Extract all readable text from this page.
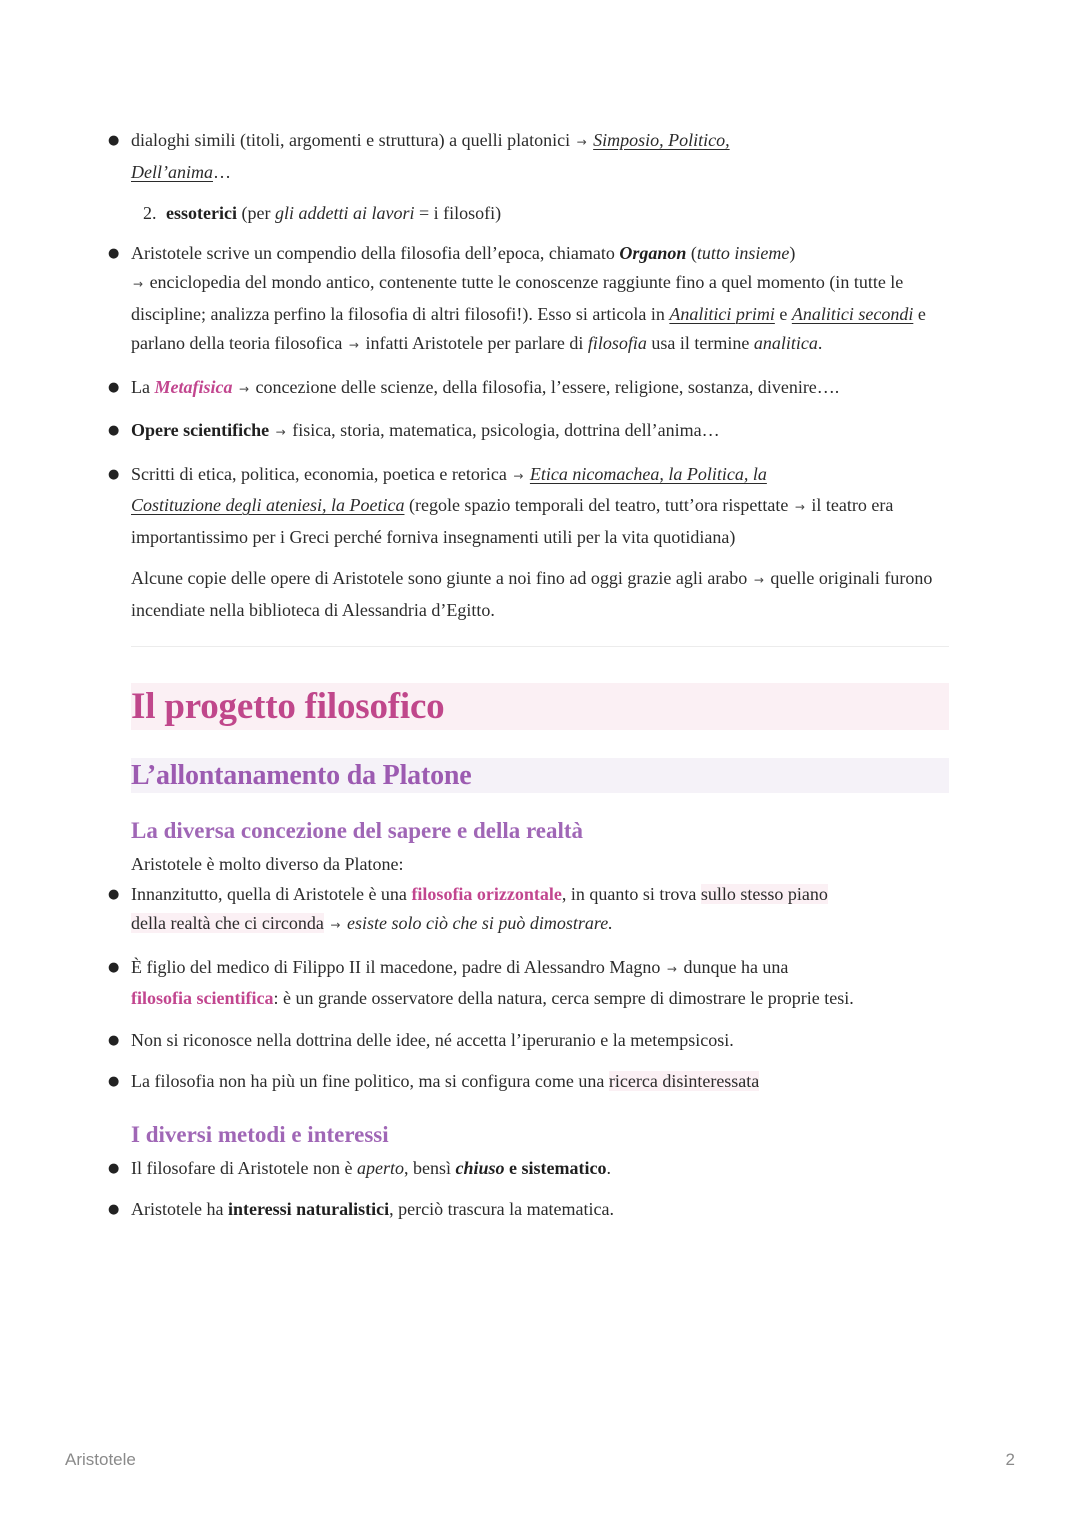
● dialoghi simili (titoli, argomenti e struttura) a quelli platonici → Simposio, Politico,
Dell’anima…
2. essoterici (per gli addetti ai lavori = i filosofi)
● Aristotele scrive un compendio della filosofia dell’epoca, chiamato Organon (tutto insieme)
→ enciclopedia del mondo antico, contenente tutte le conoscenze raggiunte fino a quel momento (in tutte le discipline; analizza perfino la filosofia di altri filosofi!). Esso si articola in Analitici primi e Analitici secondi e parlano della teoria filosofica → infatti Aristotele per parlare di filosofia usa il termine analitica.
● La Metafisica → concezione delle scienze, della filosofia, l’essere, religione, sostanza, divenire….
● Opere scientifiche → fisica, storia, matematica, psicologia, dottrina dell’anima…
● Scritti di etica, politica, economia, poetica e retorica → Etica nicomachea, la Politica, la
Costituzione degli ateniesi, la Poetica (regole spazio temporali del teatro, tutt’ora rispettate → il teatro era importantissimo per i Greci perché forniva insegnamenti utili per la vita quotidiana)

Alcune copie delle opere di Aristotele sono giunte a noi fino ad oggi grazie agli arabo → quelle originali furono incendiate nella biblioteca di Alessandria d’Egitto.

Il progetto filosofico
L’allontanamento da Platone
La diversa concezione del sapere e della realtà

Aristotele è molto diverso da Platone:

● Innanzitutto, quella di Aristotele è una filosofia orizzontale, in quanto si trova sullo stesso piano
della realtà che ci circonda → esiste solo ciò che si può dimostrare.
● È figlio del medico di Filippo II il macedone, padre di Alessandro Magno → dunque ha una
filosofia scientifica: è un grande osservatore della natura, cerca sempre di dimostrare le proprie tesi.
● Non si riconosce nella dottrina delle idee, né accetta l’iperuranio e la metempsicosi.
● La filosofia non ha più un fine politico, ma si configura come una ricerca disinteressata
I diversi metodi e interessi
● Il filosofare di Aristotele non è aperto, bensì chiuso e sistematico.
● Aristotele ha interessi naturalistici, perciò trascura la matematica.
Aristotele	2
